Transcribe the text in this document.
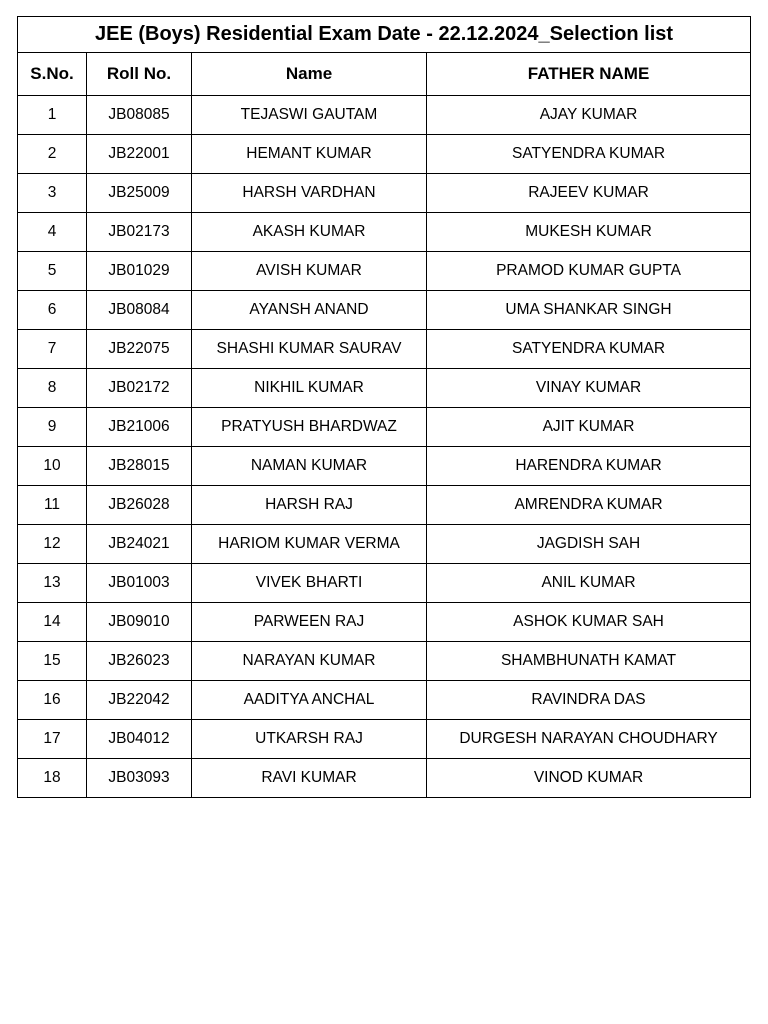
JEE (Boys) Residential Exam Date - 22.12.2024_Selection list			
S.No.	Roll No.	Name	FATHER NAME
1	JB08085	TEJASWI GAUTAM	AJAY KUMAR
2	JB22001	HEMANT KUMAR	SATYENDRA KUMAR
3	JB25009	HARSH VARDHAN	RAJEEV KUMAR
4	JB02173	AKASH KUMAR	MUKESH KUMAR
5	JB01029	AVISH KUMAR	PRAMOD KUMAR GUPTA
6	JB08084	AYANSH ANAND	UMA SHANKAR SINGH
7	JB22075	SHASHI KUMAR SAURAV	SATYENDRA KUMAR
8	JB02172	NIKHIL KUMAR	VINAY KUMAR
9	JB21006	PRATYUSH BHARDWAZ	AJIT KUMAR
10	JB28015	NAMAN KUMAR	HARENDRA KUMAR
11	JB26028	HARSH RAJ	AMRENDRA KUMAR
12	JB24021	HARIOM KUMAR VERMA	JAGDISH SAH
13	JB01003	VIVEK BHARTI	ANIL KUMAR
14	JB09010	PARWEEN RAJ	ASHOK KUMAR SAH
15	JB26023	NARAYAN KUMAR	SHAMBHUNATH KAMAT
16	JB22042	AADITYA ANCHAL	RAVINDRA DAS
17	JB04012	UTKARSH RAJ	DURGESH NARAYAN CHOUDHARY
18	JB03093	RAVI KUMAR	VINOD KUMAR
